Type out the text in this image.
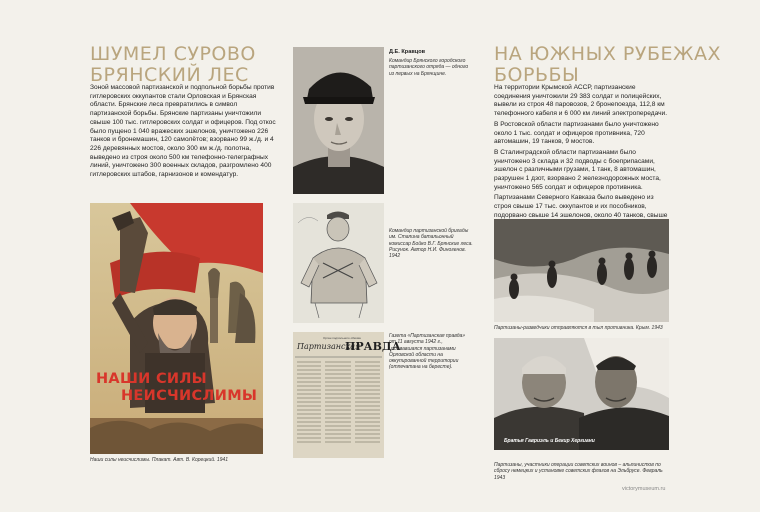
ШУМЕЛ СУРОВО
БРЯНСКИЙ ЛЕС

Зоной массовой партизанской и подпольной борьбы против гитлеровских оккупантов стали Орловская и Брянская области. Брянские леса превратились в символ партизанской борьбы. Брянские партизаны уничтожили свыше 100 тыс. гитлеровских солдат и офицеров. Под откос было пущено 1 040 вражеских эшелонов, уничтожено 226 танков и бронемашин, 120 самолётов; взорвано 99 ж./д. и 4 226 деревянных мостов, около 300 км ж./д. полотна, выведено из строя около 500 км телефонно-телеграфных линий, уничтожено 300 военных складов, разгромлено 400 гитлеровских штабов, гарнизонов и комендатур.

НАШИ СИЛЫ
НЕИСЧИСЛИМЫ

Наши силы неисчислимы. Плакат. Авт. В. Корецкий. 1941

Д.Е. Кравцов

Командир Брянского городского партизанского отряда — одного из первых на Брянщине.

Командир партизанской бригады им. Сталина батальонный комиссар Бойко В.Г. Брянские леса. Рисунок. Автор Н.И. Финогенов. 1942

Орган подпольного обкома
Партизанская
ПРАВДА

Газета «Партизанская правда» от 11 августа 1942 г., издававшаяся партизанами Орловской области на оккупированной территории (отпечатана на бересте).

НА ЮЖНЫХ РУБЕЖАХ
БОРЬБЫ

На территории Крымской АССР, партизанские соединения уничтожили 29 383 солдат и полицейских, вывели из строя 48 паровозов, 2 бронепоезда, 112,8 км телефонного кабеля и 6 000 км линий электропередачи.

В Ростовской области партизанами было уничтожено около 1 тыс. солдат и офицеров противника, 720 автомашин, 19 танков, 9 мостов.

В Сталинградской области партизанами было уничтожено 3 склада и 32 подводы с боеприпасами, эшелон с различными грузами, 1 танк, 8 автомашин, разрушен 1 дзот, взорвано 2 железнодорожных моста, уничтожено 565 солдат и офицеров противника.

Партизанами Северного Кавказа было выведено из строя свыше 17 тыс. оккупантов и их пособников, подорвано свыше 14 эшелонов, около 40 танков, свыше

Партизаны-разведчики отправляются в тыл противника. Крым. 1943

Братья Гавриэль и Бекир Хергиани

Партизаны, участники операции советских воинов – альпинистов по сбросу немецких и установке советских флагов на Эльбрусе. Февраль 1943

victorymuseum.ru
